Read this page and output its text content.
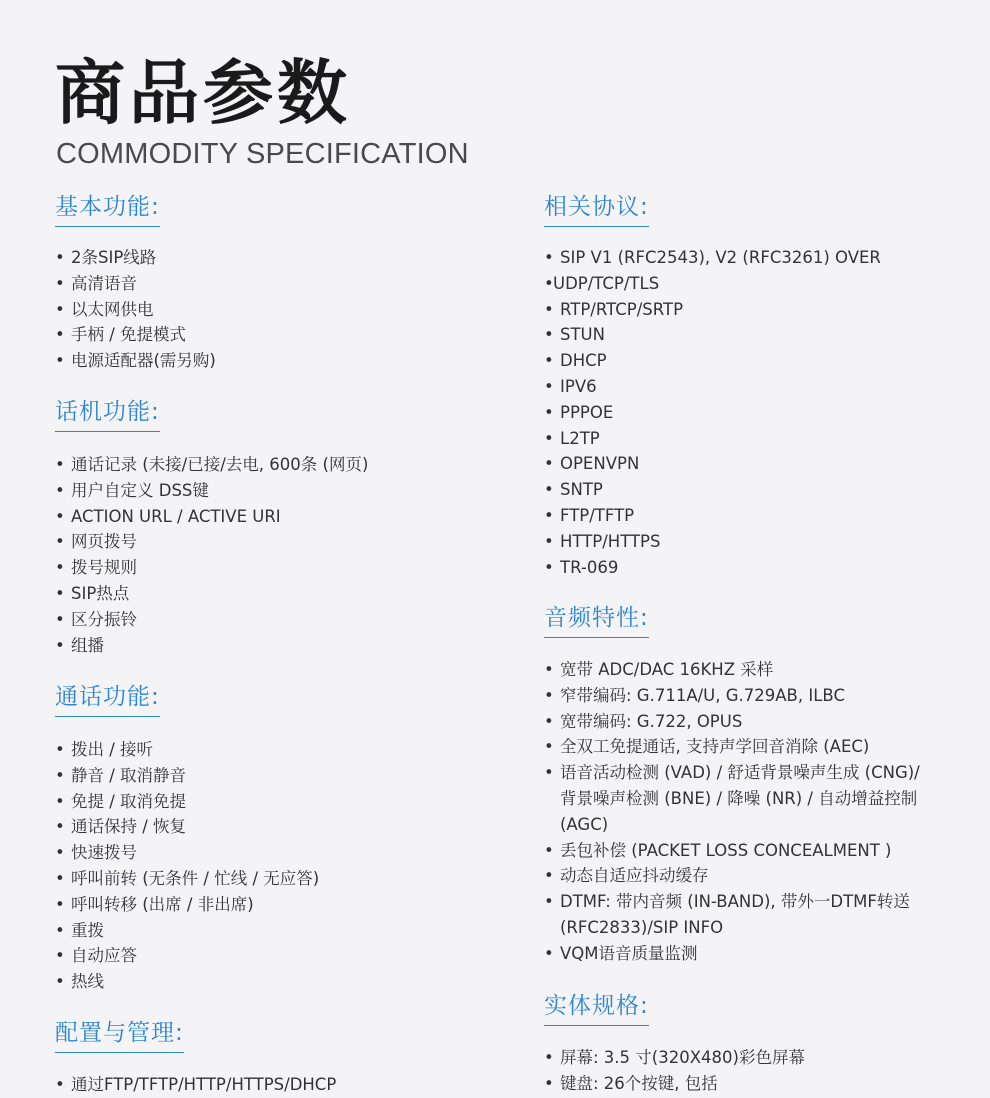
商品参数
COMMODITY SPECIFICATION
基本功能:
• 2条SIP线路
• 高清语音
• 以太网供电
• 手柄 / 免提模式
• 电源适配器(需另购)
话机功能:
• 通话记录 (未接/已接/去电, 600条 (网页)
• 用户自定义 DSS键
• ACTION URL / ACTIVE URI
• 网页拨号
• 拨号规则
• SIP热点
• 区分振铃
• 组播
通话功能:
• 拨出 / 接听
• 静音 / 取消静音
• 免提 / 取消免提
• 通话保持 / 恢复
• 快速拨号
• 呼叫前转 (无条件 / 忙线 / 无应答)
• 呼叫转移 (出席 / 非出席)
• 重拨
• 自动应答
• 热线
配置与管理:
• 通过FTP/TFTP/HTTP/HTTPS/DHCP
相关协议:
• SIP V1 (RFC2543), V2 (RFC3261) OVER
• UDP/TCP/TLS
• RTP/RTCP/SRTP
• STUN
• DHCP
• IPV6
• PPPOE
• L2TP
• OPENVPN
• SNTP
• FTP/TFTP
• HTTP/HTTPS
• TR-069
音频特性:
• 宽带 ADC/DAC 16KHZ 采样
• 窄带编码: G.711A/U, G.729AB, ILBC
• 宽带编码: G.722, OPUS
• 全双工免提通话, 支持声学回音消除 (AEC)
• 语音活动检测 (VAD) / 舒适背景噪声生成 (CNG)/ 背景噪声检测 (BNE) / 降噪 (NR) / 自动增益控制(AGC)
• 丢包补偿 (PACKET LOSS CONCEALMENT )
• 动态自适应抖动缓存
• DTMF: 带内音频 (IN-BAND), 带外一DTMF转送 (RFC2833)/SIP INFO
• VQM语音质量监测
实体规格:
• 屏幕: 3.5 寸(320X480)彩色屏幕
• 键盘: 26个按键, 包括
